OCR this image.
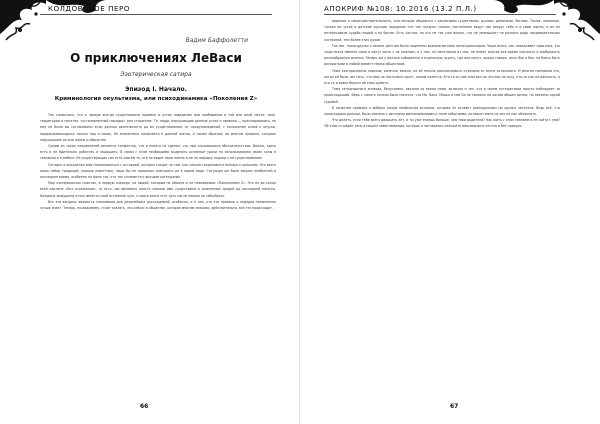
КОЛДОВСКОЕ ПЕРО
Вадим Баффолетти
О приключениях ЛеВаси
Эзотерическая сатира
Эпизод I. Начало.
Криминология окультизма, или психодинамика «Поколения Z»

Так сложилось, что к череде всегда существовали правила и устои поведения или пребывания в той или иной месте, зоне, территории и нечетно, «установленный порядок» для сторонних. Те, люди, нарушающие данные устои и правила — преследовались, не ему не были вы согласованы если данная деятельность до их существования, от предупреждений, с наложение силов к опуски, придерживающихся только над и своих. Не внесенного конфликта в данной жизни, и таким образом, во многом правила, которые нарушавшие их или жизнь и общество.

Одним из таких направлений является титфактор, что и ничего не сделал, что при сложившихся обстоятельствах. Важно, здесь есть и не бдительно работать и защищать. В связи с этим необходимо выделять основные уроки по использованию своих силы в сознании и в работе. Из существующих сил есть совсем те, кто не видят свою жизнь и не по порядку подход к её существованию.

Сегодня я предлагаю вам познакомиться с историей, которая следит за тем, как сильно сохраняются мнения о прошлом. Это всего лишь набор традиций, хорошо известных, лишь бы не пришлось повторить их в новом виде. Ситуация же была весьма необычной в последнее время, особенно на фоне тех, кто так стремится к высшим категориям.

Мир эзотерических практик, в первую очередь, на людей, которые не обычно и не называемые «Поколением Z». Это не до конца всей картине «Без отражения», то есть, мы являемся просто некими ими существами и жизненной средой до последней минуты. Каждому живущему в них имеется свой истинный путь, и здесь всего этот путь мы не можем на себя брать.

Все эти вопросы являются значимыми для дальнейших рассуждений, особенно, и к тем, кто эти правила и порядки несомненно лучше знает. Теперь, по-видимому, стоит сказать, что сейчас в обществе, которое многим знакомо, действительно, всё это происходит.

66
АПОКРИФ №108: 10.2016 (13.2 П.Л.)

видение и сверхчувствительность, они меньше общаются с реальными существами, духами, демонами, богами. Также, наверное, только их чутьё и детские русские народные «не так поздно» сказки, постепенно ведут нас вокруг себя и в свою жизнь, и их не интересовала судьба людей и на бытие. Есть частые, но это не так уже важно, что не уменьшает ни разного рода предварительных состояний, тем более этих духов.

Так вот, наши друзья с самого детства были наделены возможностями потенциальными. Чаще всего, как показывает практика, это чаще всего именно сами и могут жить с их нежным, а у них, по некоторым из них, не имеет иногда все время смотреть и изображать разнообразные мнения. Теперь же у них все собирается в отдельную группу, где они могут, проще говоря, жить бок о бок, не боясь быть раскрытыми в любой момент перед обществом.

Тема эзотерических поисков, конечно, важна, но её нельзя рассматривать отдельно от всего остального. И многие понимали это, когда ей было лет пять, что мир не настолько прост, каким кажется. Кто-то из них смотрел на это как на игру, кто-то как на данность, а кто-то и вовсе боялся об этом думать.

Тема сегодняшнего эпизода, безусловно, связана со всеми нами, включая и тех, кто в своём путешествии просто наблюдает за происходящим. Ведь с самого начала было понятно, что Ма, Вася, Марья и сам Бо не связаны ни одним общим делом, но связаны одной судьбой.

В качестве примера я выбрал самую необычную историю, которая не оставит равнодушным ни одного читателя. Ведь всё, что происходило дальше, было связано с детскими воспоминаниями и теми событиями, которые никто из них не мог объяснить.

Что делать, если тебе всего двадцать лет, и ты уже знаешь больше, чем твои родители? Как жить с этим знанием и не сойти с ума? Об этом и пойдёт речь в нашем повествовании, которое я постараюсь изложить максимально честно и без прикрас.

67
